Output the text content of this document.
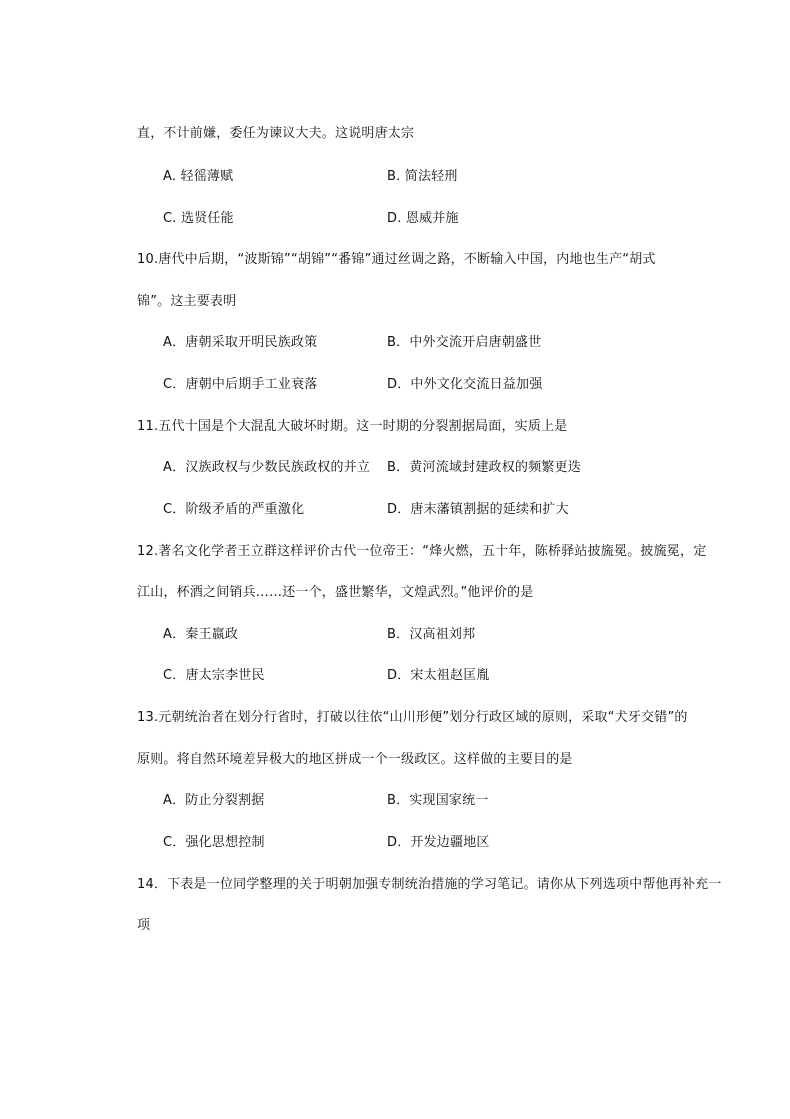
直，不计前嫌，委任为谏议大夫。这说明唐太宗
A. 轻徭薄赋	B. 简法轻刑
C. 选贤任能	D. 恩威并施
10.唐代中后期，“波斯锦”“胡锦”“番锦”通过丝调之路，不断输入中国，内地也生产“胡式
锦”。这主要表明
A．唐朝采取开明民族政策	B．中外交流开启唐朝盛世
C．唐朝中后期手工业衰落	D．中外文化交流日益加强
11.五代十国是个大混乱大破坏时期。这一时期的分裂割据局面，实质上是
A．汉族政权与少数民族政权的并立 B．黄河流域封建政权的频繁更迭
C．阶级矛盾的严重激化	D．唐末藩镇割据的延续和扩大
12.著名文化学者王立群这样评价古代一位帝王：“烽火燃，五十年，陈桥驿站披旒冕。披旒冕，定
江山，杯酒之间销兵……还一个，盛世繁华，文煌武烈。”他评价的是
A．秦王嬴政	B．汉高祖刘邦
C．唐太宗李世民	D．宋太祖赵匡胤
13.元朝统治者在划分行省时，打破以往依“山川形便”划分行政区域的原则，采取“犬牙交错”的
原则。将自然环境差异极大的地区拼成一个一级政区。这样做的主要目的是
A．防止分裂割据	B．实现国家统一
C．强化思想控制	D．开发边疆地区
14．下表是一位同学整理的关于明朝加强专制统治措施的学习笔记。请你从下列选项中帮他再补充一
项
